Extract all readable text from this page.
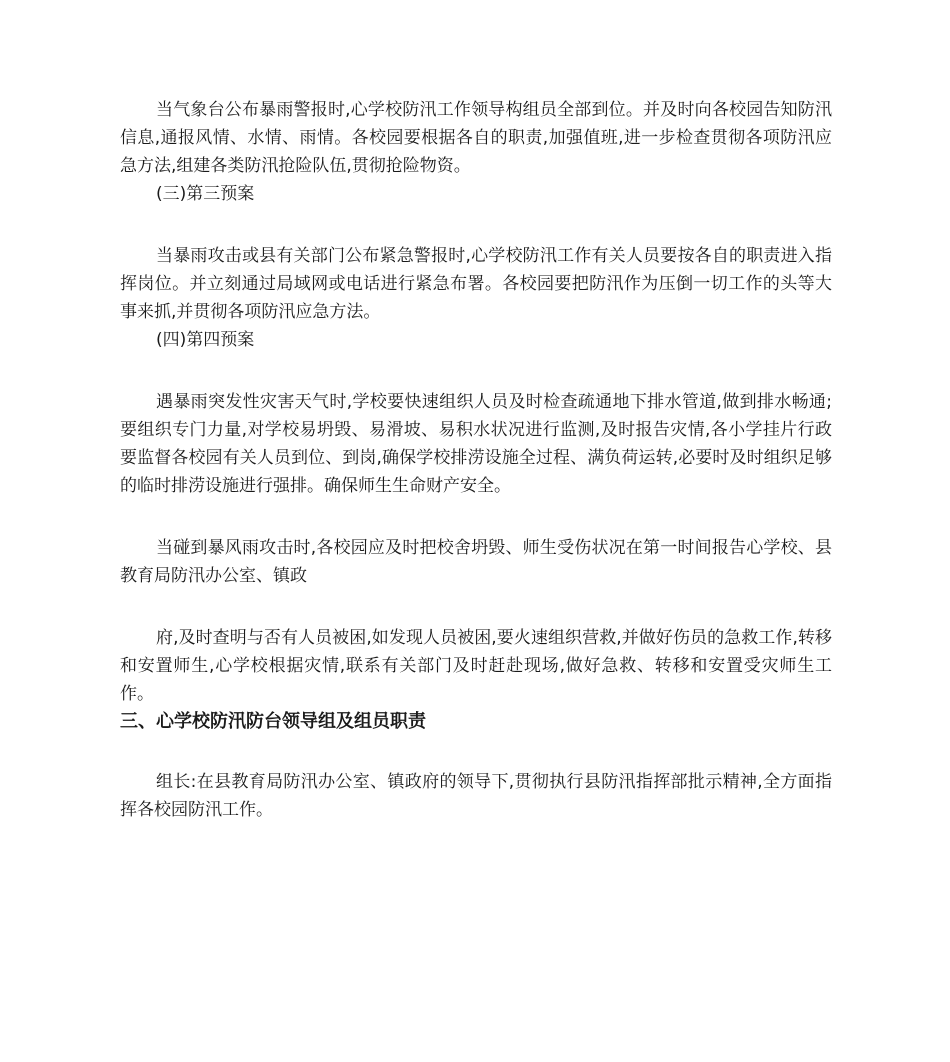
当气象台公布暴雨警报时,心学校防汛工作领导构组员全部到位。并及时向各校园告知防汛信息,通报风情、水情、雨情。各校园要根据各自的职责,加强值班,进一步检查贯彻各项防汛应急方法,组建各类防汛抢险队伍,贯彻抢险物资。

(三)第三预案

当暴雨攻击或县有关部门公布紧急警报时,心学校防汛工作有关人员要按各自的职责进入指挥岗位。并立刻通过局域网或电话进行紧急布署。各校园要把防汛作为压倒一切工作的头等大事来抓,并贯彻各项防汛应急方法。

(四)第四预案

遇暴雨突发性灾害天气时,学校要快速组织人员及时检查疏通地下排水管道,做到排水畅通;要组织专门力量,对学校易坍毁、易滑坡、易积水状况进行监测,及时报告灾情,各小学挂片行政要监督各校园有关人员到位、到岗,确保学校排涝设施全过程、满负荷运转,必要时及时组织足够的临时排涝设施进行强排。确保师生生命财产安全。

当碰到暴风雨攻击时,各校园应及时把校舍坍毁、师生受伤状况在第一时间报告心学校、县教育局防汛办公室、镇政

府,及时查明与否有人员被困,如发现人员被困,要火速组织营救,并做好伤员的急救工作,转移和安置师生,心学校根据灾情,联系有关部门及时赶赴现场,做好急救、转移和安置受灾师生工作。

三、心学校防汛防台领导组及组员职责

组长:在县教育局防汛办公室、镇政府的领导下,贯彻执行县防汛指挥部批示精神,全方面指挥各校园防汛工作。
